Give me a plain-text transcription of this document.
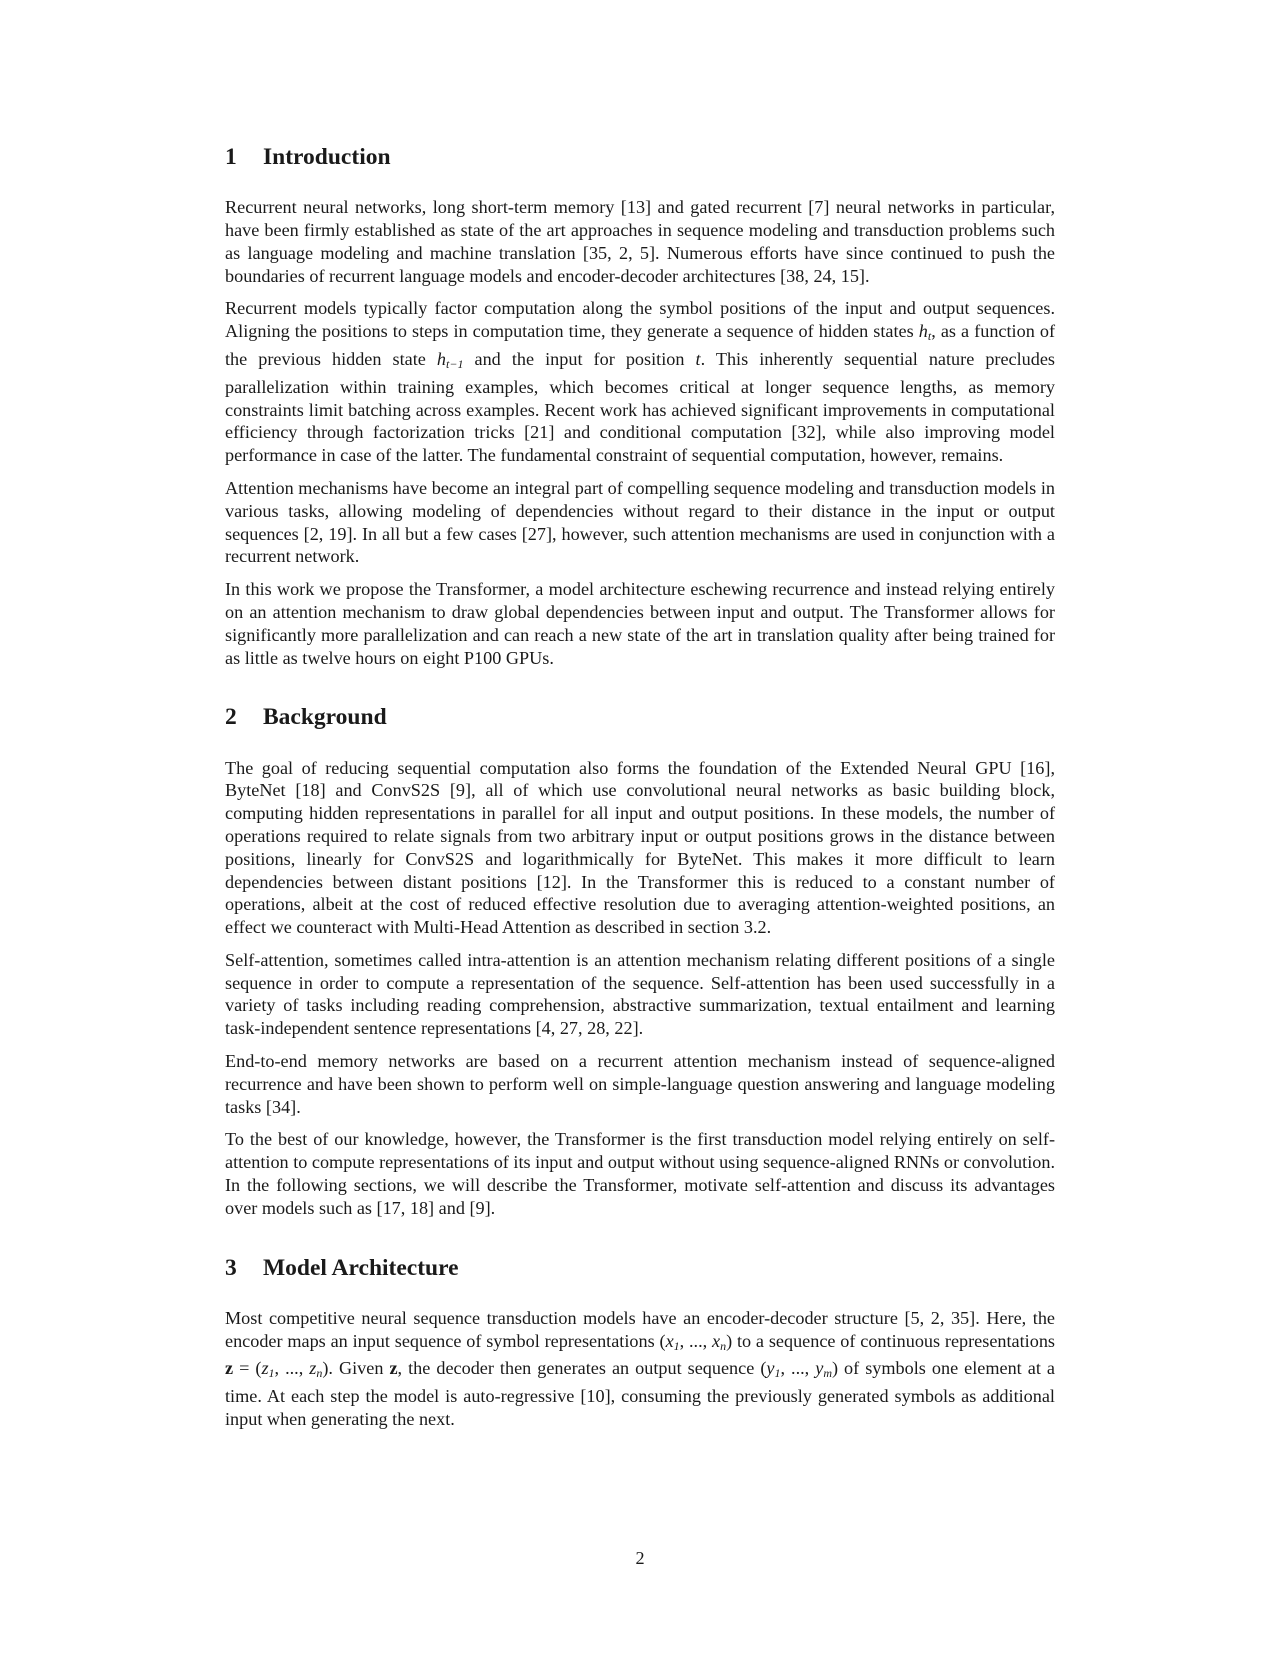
1 Introduction

Recurrent neural networks, long short-term memory [13] and gated recurrent [7] neural networks in particular, have been firmly established as state of the art approaches in sequence modeling and transduction problems such as language modeling and machine translation [35, 2, 5]. Numerous efforts have since continued to push the boundaries of recurrent language models and encoder-decoder architectures [38, 24, 15].

Recurrent models typically factor computation along the symbol positions of the input and output sequences. Aligning the positions to steps in computation time, they generate a sequence of hidden states $h_t$, as a function of the previous hidden state $h_{t-1}$ and the input for position t. This inherently sequential nature precludes parallelization within training examples, which becomes critical at longer sequence lengths, as memory constraints limit batching across examples. Recent work has achieved significant improvements in computational efficiency through factorization tricks [21] and conditional computation [32], while also improving model performance in case of the latter. The fundamental constraint of sequential computation, however, remains.

Attention mechanisms have become an integral part of compelling sequence modeling and transduction models in various tasks, allowing modeling of dependencies without regard to their distance in the input or output sequences [2, 19]. In all but a few cases [27], however, such attention mechanisms are used in conjunction with a recurrent network.

In this work we propose the Transformer, a model architecture eschewing recurrence and instead relying entirely on an attention mechanism to draw global dependencies between input and output. The Transformer allows for significantly more parallelization and can reach a new state of the art in translation quality after being trained for as little as twelve hours on eight P100 GPUs.

2 Background

The goal of reducing sequential computation also forms the foundation of the Extended Neural GPU [16], ByteNet [18] and ConvS2S [9], all of which use convolutional neural networks as basic building block, computing hidden representations in parallel for all input and output positions. In these models, the number of operations required to relate signals from two arbitrary input or output positions grows in the distance between positions, linearly for ConvS2S and logarithmically for ByteNet. This makes it more difficult to learn dependencies between distant positions [12]. In the Transformer this is reduced to a constant number of operations, albeit at the cost of reduced effective resolution due to averaging attention-weighted positions, an effect we counteract with Multi-Head Attention as described in section 3.2.

Self-attention, sometimes called intra-attention is an attention mechanism relating different positions of a single sequence in order to compute a representation of the sequence. Self-attention has been used successfully in a variety of tasks including reading comprehension, abstractive summarization, textual entailment and learning task-independent sentence representations [4, 27, 28, 22].

End-to-end memory networks are based on a recurrent attention mechanism instead of sequence-aligned recurrence and have been shown to perform well on simple-language question answering and language modeling tasks [34].

To the best of our knowledge, however, the Transformer is the first transduction model relying entirely on self-attention to compute representations of its input and output without using sequence-aligned RNNs or convolution. In the following sections, we will describe the Transformer, motivate self-attention and discuss its advantages over models such as [17, 18] and [9].

3 Model Architecture

Most competitive neural sequence transduction models have an encoder-decoder structure [5, 2, 35]. Here, the encoder maps an input sequence of symbol representations ($x_1$, ..., $x_n$) to a sequence of continuous representations $z = (z_1$, ..., $z_n$). Given z, the decoder then generates an output sequence ($y_1$, ..., $y_m$) of symbols one element at a time. At each step the model is auto-regressive [10], consuming the previously generated symbols as additional input when generating the next.

2
